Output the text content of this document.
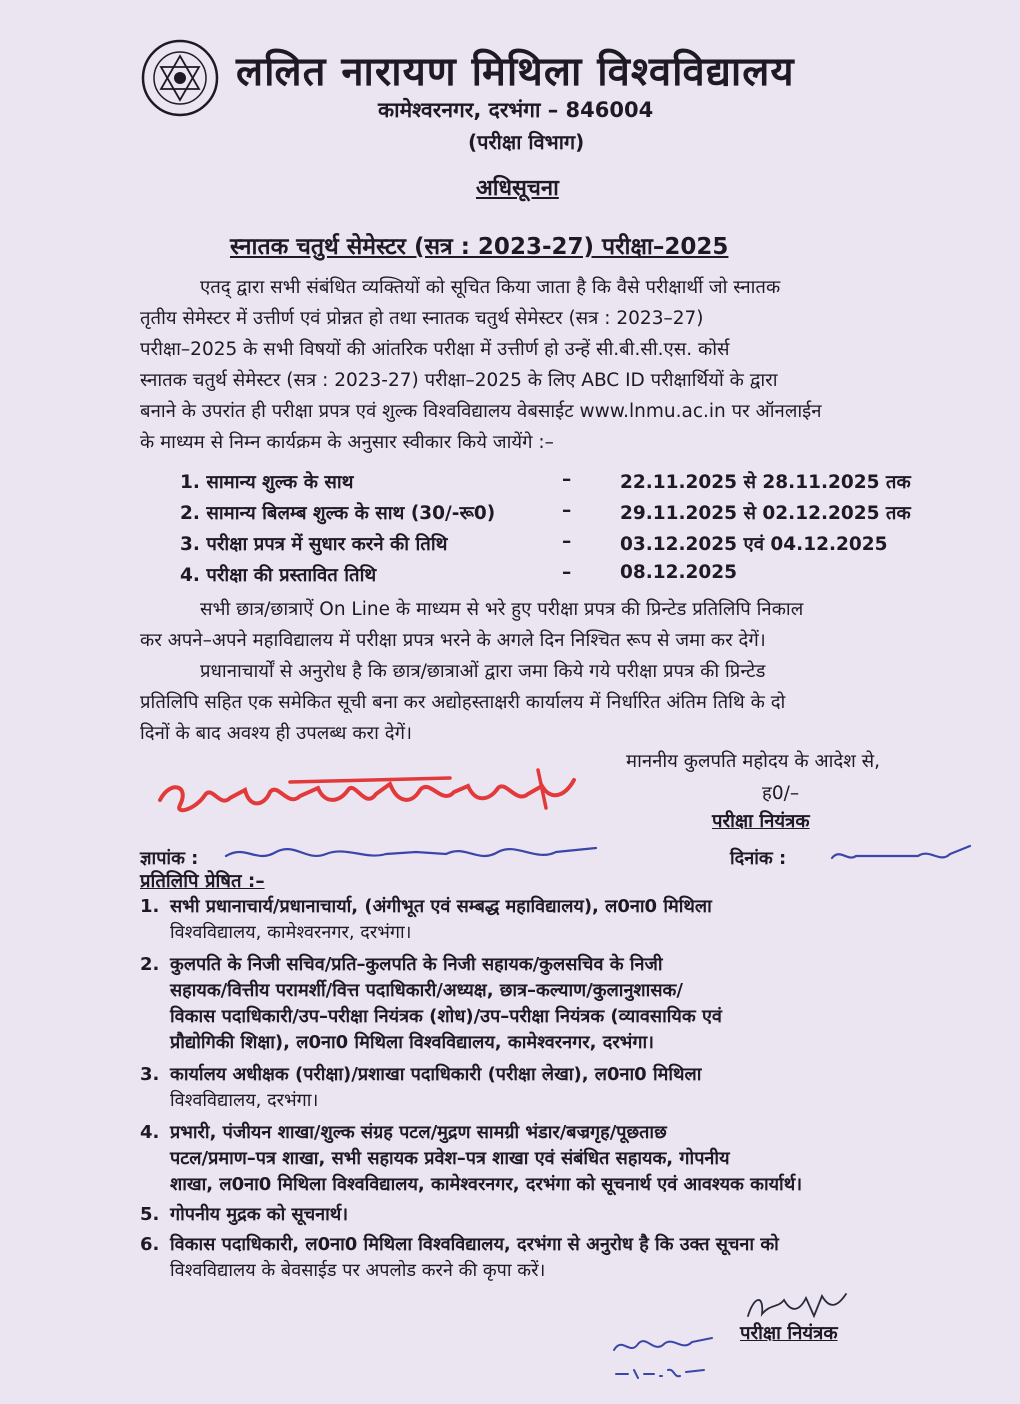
ललित नारायण मिथिला विश्वविद्यालय
कामेश्वरनगर, दरभंगा – 846004
(परीक्षा विभाग)
अधिसूचना
स्नातक चतुर्थ सेमेस्टर (सत्र : 2023-27) परीक्षा–2025
एतद् द्वारा सभी संबंधित व्यक्तियों को सूचित किया जाता है कि वैसे परीक्षार्थी जो स्नातक
तृतीय सेमेस्टर में उत्तीर्ण एवं प्रोन्नत हो तथा स्नातक चतुर्थ सेमेस्टर (सत्र : 2023–27)
परीक्षा–2025 के सभी विषयों की आंतरिक परीक्षा में उत्तीर्ण हो उन्हें सी.बी.सी.एस. कोर्स
स्नातक चतुर्थ सेमेस्टर (सत्र : 2023-27) परीक्षा–2025 के लिए ABC ID परीक्षार्थियों के द्वारा
बनाने के उपरांत ही परीक्षा प्रपत्र एवं शुल्क विश्वविद्यालय वेबसाईट www.lnmu.ac.in पर ऑनलाईन
के माध्यम से निम्न कार्यक्रम के अनुसार स्वीकार किये जायेंगे :–
1. सामान्य शुल्क के साथ	–	22.11.2025 से 28.11.2025 तक
2. सामान्य बिलम्ब शुल्क के साथ (30/-रू0)	–	29.11.2025 से 02.12.2025 तक
3. परीक्षा प्रपत्र में सुधार करने की तिथि	–	03.12.2025 एवं 04.12.2025
4. परीक्षा की प्रस्तावित तिथि	–	08.12.2025
सभी छात्र/छात्राऐं On Line के माध्यम से भरे हुए परीक्षा प्रपत्र की प्रिन्टेड प्रतिलिपि निकाल
कर अपने–अपने महाविद्यालय में परीक्षा प्रपत्र भरने के अगले दिन निश्चित रूप से जमा कर देगें।
प्रधानाचार्यों से अनुरोध है कि छात्र/छात्राओं द्वारा जमा किये गये परीक्षा प्रपत्र की प्रिन्टेड
प्रतिलिपि सहित एक समेकित सूची बना कर अद्योहस्ताक्षरी कार्यालय में निर्धारित अंतिम तिथि के दो
दिनों के बाद अवश्य ही उपलब्ध करा देगें।
माननीय कुलपति महोदय के आदेश से,
ह0/–
परीक्षा नियंत्रक
ज्ञापांक :	दिनांक :
प्रतिलिपि प्रेषित :–
1. सभी प्रधानाचार्य/प्रधानाचार्या, (अंगीभूत एवं सम्बद्ध महाविद्यालय), ल0ना0 मिथिला
विश्वविद्यालय, कामेश्वरनगर, दरभंगा।
2. कुलपति के निजी सचिव/प्रति–कुलपति के निजी सहायक/कुलसचिव के निजी
सहायक/वित्तीय परामर्शी/वित्त पदाधिकारी/अध्यक्ष, छात्र–कल्याण/कुलानुशासक/
विकास पदाधिकारी/उप–परीक्षा नियंत्रक (शोध)/उप–परीक्षा नियंत्रक (व्यावसायिक एवं
प्रौद्योगिकी शिक्षा), ल0ना0 मिथिला विश्वविद्यालय, कामेश्वरनगर, दरभंगा।
3. कार्यालय अधीक्षक (परीक्षा)/प्रशाखा पदाधिकारी (परीक्षा लेखा), ल0ना0 मिथिला
विश्वविद्यालय, दरभंगा।
4. प्रभारी, पंजीयन शाखा/शुल्क संग्रह पटल/मुद्रण सामग्री भंडार/बज्रगृह/पूछताछ
पटल/प्रमाण–पत्र शाखा, सभी सहायक प्रवेश–पत्र शाखा एवं संबंधित सहायक, गोपनीय
शाखा, ल0ना0 मिथिला विश्वविद्यालय, कामेश्वरनगर, दरभंगा को सूचनार्थ एवं आवश्यक कार्यार्थ।
5. गोपनीय मुद्रक को सूचनार्थ।
6. विकास पदाधिकारी, ल0ना0 मिथिला विश्वविद्यालय, दरभंगा से अनुरोध है कि उक्त सूचना को
विश्वविद्यालय के बेवसाईड पर अपलोड करने की कृपा करें।
परीक्षा नियंत्रक
